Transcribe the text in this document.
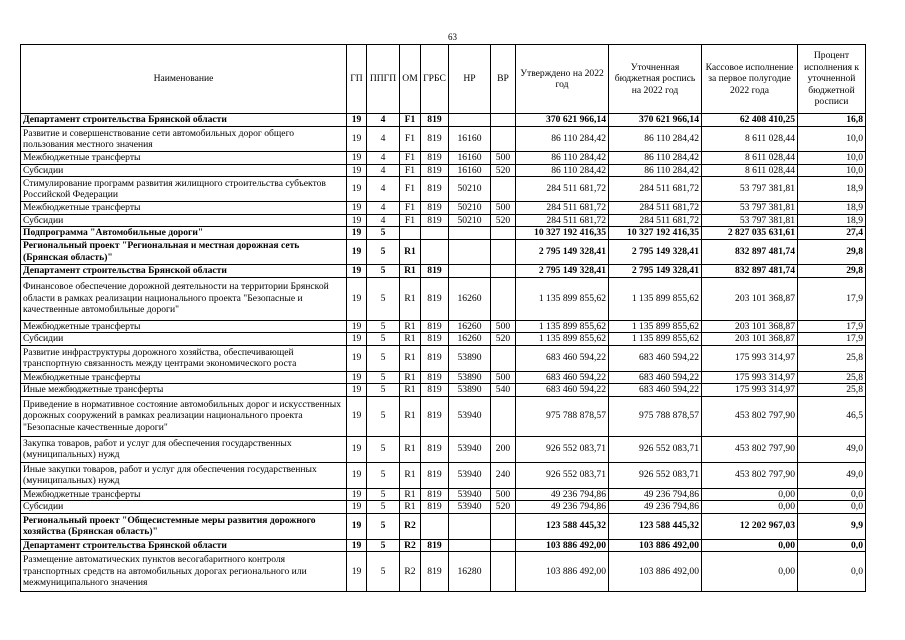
63
Наименование	ГП	ППГП	ОМ	ГРБС	НР	ВР	Утверждено на 2022 год	Уточненная бюджетная роспись на 2022 год	Кассовое исполнение за первое полугодие 2022 года	Процент исполнения к уточненной бюджетной росписи
Департамент строительства Брянской области	19	4	F1	819			370 621 966,14	370 621 966,14	62 408 410,25	16,8
Развитие и совершенствование сети автомобильных дорог общего пользования местного значения	19	4	F1	819	16160		86 110 284,42	86 110 284,42	8 611 028,44	10,0
Межбюджетные трансферты	19	4	F1	819	16160	500	86 110 284,42	86 110 284,42	8 611 028,44	10,0
Субсидии	19	4	F1	819	16160	520	86 110 284,42	86 110 284,42	8 611 028,44	10,0
Стимулирование программ развития жилищного строительства субъектов Российской Федерации	19	4	F1	819	50210		284 511 681,72	284 511 681,72	53 797 381,81	18,9
Межбюджетные трансферты	19	4	F1	819	50210	500	284 511 681,72	284 511 681,72	53 797 381,81	18,9
Субсидии	19	4	F1	819	50210	520	284 511 681,72	284 511 681,72	53 797 381,81	18,9
Подпрограмма "Автомобильные дороги"	19	5					10 327 192 416,35	10 327 192 416,35	2 827 035 631,61	27,4
Региональный проект "Региональная и местная дорожная сеть (Брянская область)"	19	5	R1				2 795 149 328,41	2 795 149 328,41	832 897 481,74	29,8
Департамент строительства Брянской области	19	5	R1	819			2 795 149 328,41	2 795 149 328,41	832 897 481,74	29,8
Финансовое обеспечение дорожной деятельности на территории Брянской области в рамках реализации национального проекта "Безопасные и качественные автомобильные дороги"	19	5	R1	819	16260		1 135 899 855,62	1 135 899 855,62	203 101 368,87	17,9
Межбюджетные трансферты	19	5	R1	819	16260	500	1 135 899 855,62	1 135 899 855,62	203 101 368,87	17,9
Субсидии	19	5	R1	819	16260	520	1 135 899 855,62	1 135 899 855,62	203 101 368,87	17,9
Развитие инфраструктуры дорожного хозяйства, обеспечивающей транспортную связанность между центрами экономического роста	19	5	R1	819	53890		683 460 594,22	683 460 594,22	175 993 314,97	25,8
Межбюджетные трансферты	19	5	R1	819	53890	500	683 460 594,22	683 460 594,22	175 993 314,97	25,8
Иные межбюджетные трансферты	19	5	R1	819	53890	540	683 460 594,22	683 460 594,22	175 993 314,97	25,8
Приведение в нормативное состояние автомобильных дорог и искусственных дорожных сооружений в рамках реализации национального проекта "Безопасные качественные дороги"	19	5	R1	819	53940		975 788 878,57	975 788 878,57	453 802 797,90	46,5
Закупка товаров, работ и услуг для обеспечения государственных (муниципальных) нужд	19	5	R1	819	53940	200	926 552 083,71	926 552 083,71	453 802 797,90	49,0
Иные закупки товаров, работ и услуг для обеспечения государственных (муниципальных) нужд	19	5	R1	819	53940	240	926 552 083,71	926 552 083,71	453 802 797,90	49,0
Межбюджетные трансферты	19	5	R1	819	53940	500	49 236 794,86	49 236 794,86	0,00	0,0
Субсидии	19	5	R1	819	53940	520	49 236 794,86	49 236 794,86	0,00	0,0
Региональный проект "Общесистемные меры развития дорожного хозяйства (Брянская область)"	19	5	R2				123 588 445,32	123 588 445,32	12 202 967,03	9,9
Департамент строительства Брянской области	19	5	R2	819			103 886 492,00	103 886 492,00	0,00	0,0
Размещение автоматических пунктов весогабаритного контроля транспортных средств на автомобильных дорогах регионального или межмуниципального значения	19	5	R2	819	16280		103 886 492,00	103 886 492,00	0,00	0,0
